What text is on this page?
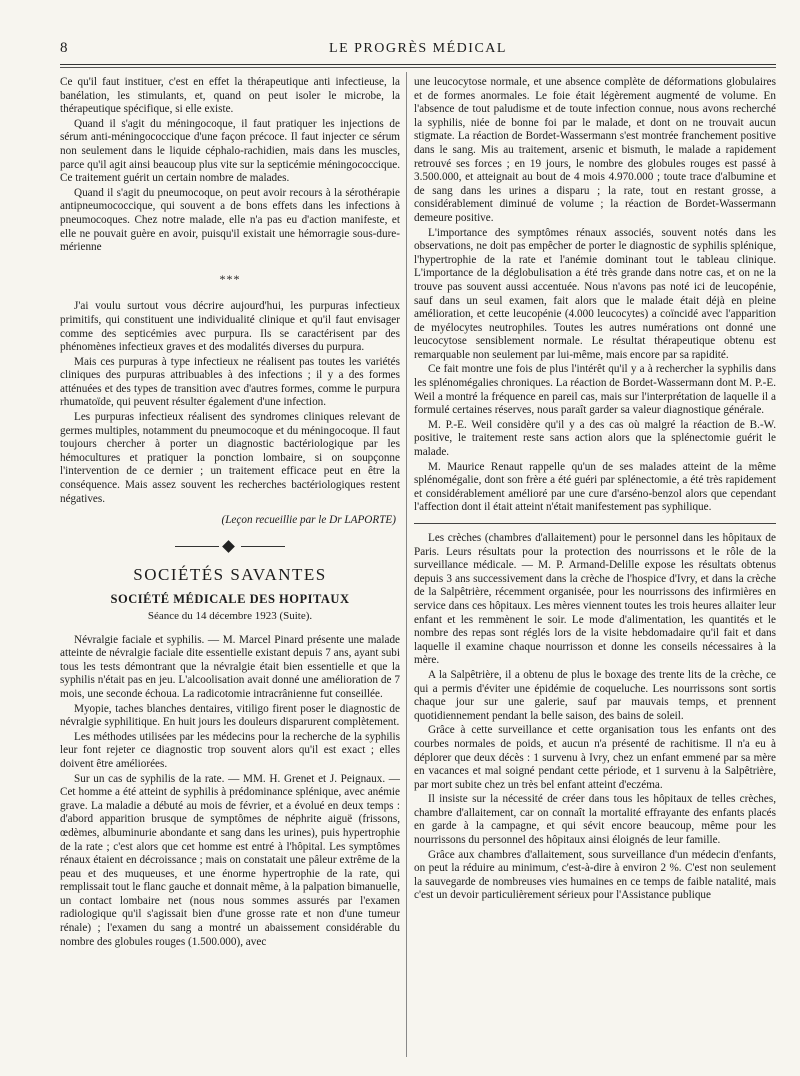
8	LE PROGRÈS MÉDICAL

Ce qu'il faut instituer, c'est en effet la thérapeutique anti infectieuse, la banélation, les stimulants, et, quand on peut isoler le microbe, la thérapeutique spécifique, si elle existe.

Quand il s'agit du méningocoque, il faut pratiquer les injections de sérum anti-méningococcique d'une façon précoce. Il faut injecter ce sérum non seulement dans le liquide céphalo-rachidien, mais dans les muscles, parce qu'il agit ainsi beaucoup plus vite sur la septicémie méningococcique. Ce traitement guérit un certain nombre de malades.

Quand il s'agit du pneumocoque, on peut avoir recours à la sérothérapie antipneumococcique, qui souvent a de bons effets dans les infections à pneumocoques. Chez notre malade, elle n'a pas eu d'action manifeste, et elle ne pouvait guère en avoir, puisqu'il existait une hémorragie sous-dure-mérienne

***

J'ai voulu surtout vous décrire aujourd'hui, les purpuras infectieux primitifs, qui constituent une individualité clinique et qu'il faut envisager comme des septicémies avec purpura. Ils se caractérisent par des phénomènes infectieux graves et des modalités diverses du purpura.

Mais ces purpuras à type infectieux ne réalisent pas toutes les variétés cliniques des purpuras attribuables à des infections ; il y a des formes atténuées et des types de transition avec d'autres formes, comme le purpura rhumatoïde, qui peuvent résulter également d'une infection.

Les purpuras infectieux réalisent des syndromes cliniques relevant de germes multiples, notamment du pneumocoque et du méningocoque. Il faut toujours chercher à porter un diagnostic bactériologique par les hémocultures et pratiquer la ponction lombaire, si on soupçonne l'intervention de ce dernier ; un traitement efficace peut en être la conséquence. Mais assez souvent les recherches bactériologiques restent négatives.

(Leçon recueillie par le Dr LAPORTE)
SOCIÉTÉS SAVANTES
SOCIÉTÉ MÉDICALE DES HOPITAUX
Séance du 14 décembre 1923 (Suite).

Névralgie faciale et syphilis. — M. Marcel Pinard présente une malade atteinte de névralgie faciale dite essentielle existant depuis 7 ans, ayant subi tous les tests démontrant que la névralgie était bien essentielle et que la syphilis n'était pas en jeu. L'alcoolisation avait donné une amélioration de 7 mois, une seconde échoua. La radicotomie intracrânienne fut conseillée.

Myopie, taches blanches dentaires, vitiligo firent poser le diagnostic de névralgie syphilitique. En huit jours les douleurs disparurent complètement.

Les méthodes utilisées par les médecins pour la recherche de la syphilis leur font rejeter ce diagnostic trop souvent alors qu'il est exact ; elles doivent être améliorées.

Sur un cas de syphilis de la rate. — MM. H. Grenet et J. Peignaux. — Cet homme a été atteint de syphilis à prédominance splénique, avec anémie grave. La maladie a débuté au mois de février, et a évolué en deux temps : d'abord apparition brusque de symptômes de néphrite aiguë (frissons, œdèmes, albuminurie abondante et sang dans les urines), puis hypertrophie de la rate ; c'est alors que cet homme est entré à l'hôpital. Les symptômes rénaux étaient en décroissance ; mais on constatait une pâleur extrême de la peau et des muqueuses, et une énorme hypertrophie de la rate, qui remplissait tout le flanc gauche et donnait même, à la palpation bimanuelle, un contact lombaire net (nous nous sommes assurés par l'examen radiologique qu'il s'agissait bien d'une grosse rate et non d'une tumeur rénale) ; l'examen du sang a montré un abaissement considérable du nombre des globules rouges (1.500.000), avec

une leucocytose normale, et une absence complète de déformations globulaires et de formes anormales. Le foie était légèrement augmenté de volume. En l'absence de tout paludisme et de toute infection connue, nous avons recherché la syphilis, niée de bonne foi par le malade, et dont on ne trouvait aucun stigmate. La réaction de Bordet-Wassermann s'est montrée franchement positive dans le sang. Mis au traitement, arsenic et bismuth, le malade a rapidement retrouvé ses forces ; en 19 jours, le nombre des globules rouges est passé à 3.500.000, et atteignait au bout de 4 mois 4.970.000 ; toute trace d'albumine et de sang dans les urines a disparu ; la rate, tout en restant grosse, a considérablement diminué de volume ; la réaction de Bordet-Wassermann demeure positive.

L'importance des symptômes rénaux associés, souvent notés dans les observations, ne doit pas empêcher de porter le diagnostic de syphilis splénique, l'hypertrophie de la rate et l'anémie dominant tout le tableau clinique. L'importance de la déglobulisation a été très grande dans notre cas, et on ne la trouve pas souvent aussi accentuée. Nous n'avons pas noté ici de leucopénie, sauf dans un seul examen, fait alors que le malade était déjà en pleine amélioration, et cette leucopénie (4.000 leucocytes) a coïncidé avec l'apparition de myélocytes neutrophiles. Toutes les autres numérations ont donné une leucocytose sensiblement normale. Le résultat thérapeutique obtenu est remarquable non seulement par lui-même, mais encore par sa rapidité.

Ce fait montre une fois de plus l'intérêt qu'il y a à rechercher la syphilis dans les splénomégalies chroniques. La réaction de Bordet-Wassermann dont M. P.-E. Weil a montré la fréquence en pareil cas, mais sur l'interprétation de laquelle il a formulé certaines réserves, nous paraît garder sa valeur diagnostique générale.

M. P.-E. Weil considère qu'il y a des cas où malgré la réaction de B.-W. positive, le traitement reste sans action alors que la splénectomie guérit le malade.

M. Maurice Renaut rappelle qu'un de ses malades atteint de la même splénomégalie, dont son frère a été guéri par splénectomie, a été très rapidement et considérablement amélioré par une cure d'arséno-benzol alors que cependant l'affection dont il était atteint n'était manifestement pas syphilique.

Les crèches (chambres d'allaitement) pour le personnel dans les hôpitaux de Paris. Leurs résultats pour la protection des nourrissons et le rôle de la surveillance médicale. — M. P. Armand-Delille expose les résultats obtenus depuis 3 ans successivement dans la crèche de l'hospice d'Ivry, et dans la crèche de la Salpêtrière, récemment organisée, pour les nourrissons des infirmières en service dans ces hôpitaux. Les mères viennent toutes les trois heures allaiter leur enfant et les remmènent le soir. Le mode d'alimentation, les quantités et le nombre des repas sont réglés lors de la visite hebdomadaire qu'il fait et dans laquelle il examine chaque nourrisson et donne les conseils nécessaires à la mère.

A la Salpêtrière, il a obtenu de plus le boxage des trente lits de la crèche, ce qui a permis d'éviter une épidémie de coqueluche. Les nourrissons sont sortis chaque jour sur une galerie, sauf par mauvais temps, et prennent quotidiennement pendant la belle saison, des bains de soleil.

Grâce à cette surveillance et cette organisation tous les enfants ont des courbes normales de poids, et aucun n'a présenté de rachitisme. Il n'a eu à déplorer que deux décès : 1 survenu à Ivry, chez un enfant emmené par sa mère en vacances et mal soigné pendant cette période, et 1 survenu à la Salpêtrière, par mort subite chez un très bel enfant atteint d'eczéma.

Il insiste sur la nécessité de créer dans tous les hôpitaux de telles crèches, chambre d'allaitement, car on connaît la mortalité effrayante des enfants placés en garde à la campagne, et qui sévit encore beaucoup, même pour les nourrissons du personnel des hôpitaux ainsi éloignés de leur famille.

Grâce aux chambres d'allaitement, sous surveillance d'un médecin d'enfants, on peut la réduire au minimum, c'est-à-dire à environ 2 %. C'est non seulement la sauvegarde de nombreuses vies humaines en ce temps de faible natalité, mais c'est un devoir particulièrement sérieux pour l'Assistance publique
